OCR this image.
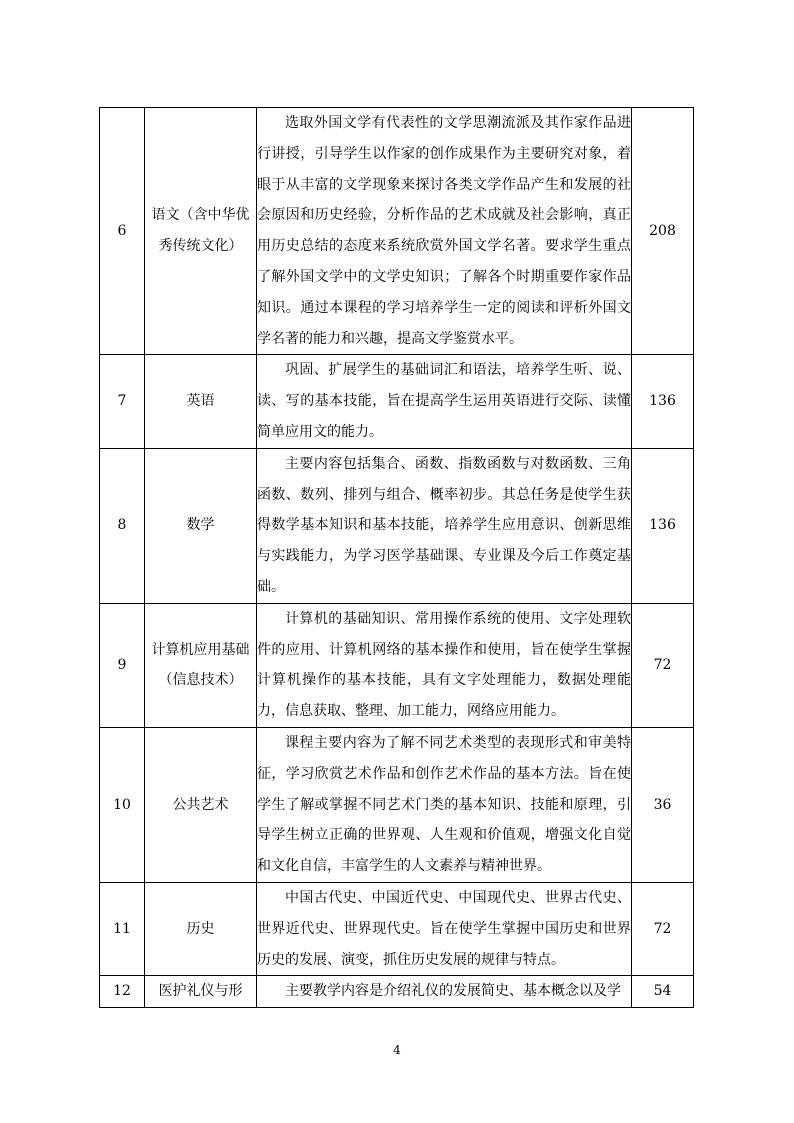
6	语文（含中华优秀传统文化）	选取外国文学有代表性的文学思潮流派及其作家作品进行讲授，引导学生以作家的创作成果作为主要研究对象，着眼于从丰富的文学现象来探讨各类文学作品产生和发展的社会原因和历史经验，分析作品的艺术成就及社会影响，真正用历史总结的态度来系统欣赏外国文学名著。要求学生重点了解外国文学中的文学史知识；了解各个时期重要作家作品知识。通过本课程的学习培养学生一定的阅读和评析外国文学名著的能力和兴趣，提高文学鉴赏水平。	208
7	英语	巩固、扩展学生的基础词汇和语法，培养学生听、说、读、写的基本技能，旨在提高学生运用英语进行交际、读懂简单应用文的能力。	136
8	数学	主要内容包括集合、函数、指数函数与对数函数、三角函数、数列、排列与组合、概率初步。其总任务是使学生获得数学基本知识和基本技能，培养学生应用意识、创新思维与实践能力，为学习医学基础课、专业课及今后工作奠定基础。	136
9	计算机应用基础（信息技术）	计算机的基础知识、常用操作系统的使用、文字处理软件的应用、计算机网络的基本操作和使用，旨在使学生掌握计算机操作的基本技能，具有文字处理能力，数据处理能力，信息获取、整理、加工能力，网络应用能力。	72
10	公共艺术	课程主要内容为了解不同艺术类型的表现形式和审美特征，学习欣赏艺术作品和创作艺术作品的基本方法。旨在使学生了解或掌握不同艺术门类的基本知识、技能和原理，引导学生树立正确的世界观、人生观和价值观，增强文化自觉和文化自信，丰富学生的人文素养与精神世界。	36
11	历史	中国古代史、中国近代史、中国现代史、世界古代史、世界近代史、世界现代史。旨在使学生掌握中国历史和世界历史的发展、演变，抓住历史发展的规律与特点。	72
12	医护礼仪与形	主要教学内容是介绍礼仪的发展简史、基本概念以及学	54
4
